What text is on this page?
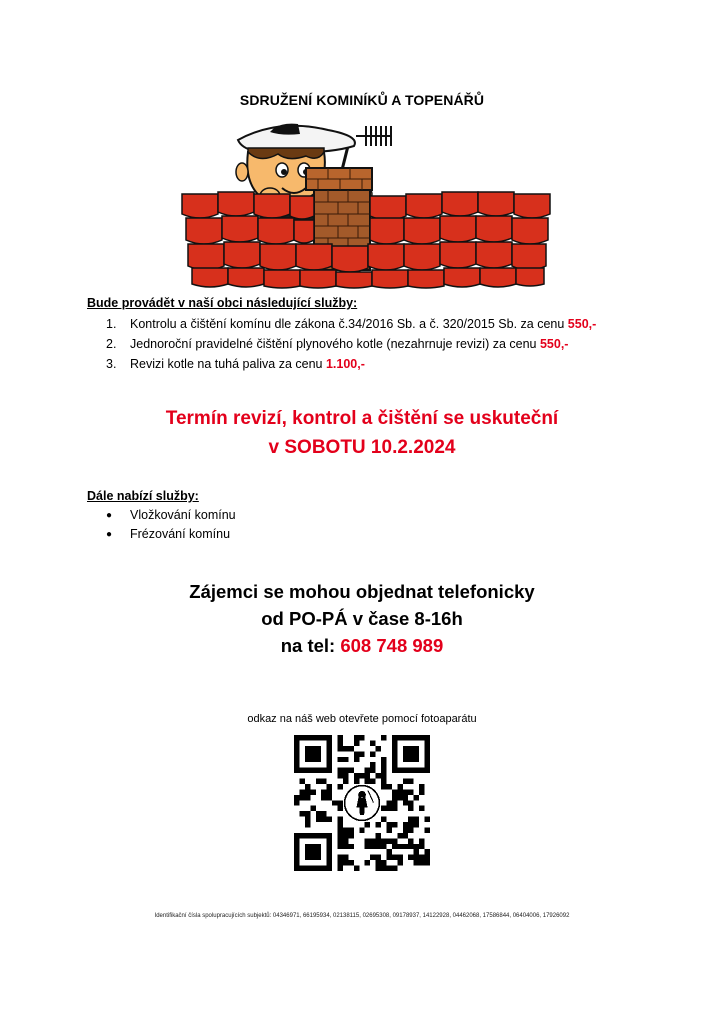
SDRUŽENÍ KOMINÍKŮ A TOPENÁŘŮ
Bude provádět v naší obci následující služby:
1.	Kontrolu a čištění komínu dle zákona č.34/2016 Sb. a č. 320/2015 Sb. za cenu 550,-
2.	Jednoroční pravidelné čištění plynového kotle (nezahrnuje revizi) za cenu 550,-
3.	Revizi kotle na tuhá paliva za cenu 1.100,-
Termín revizí, kontrol a čištění se uskuteční
v SOBOTU 10.2.2024
Dále nabízí služby:
●	Vložkování komínu
●	Frézování komínu
Zájemci se mohou objednat telefonicky
od PO-PÁ v čase 8-16h
na tel: 608 748 989
odkaz na náš web otevřete pomocí fotoaparátu
Identifikační čísla spolupracujících subjektů: 04346971, 66195934, 02138115, 02695308, 09178937, 14122928, 04462068, 17586844, 06404006, 17926092
